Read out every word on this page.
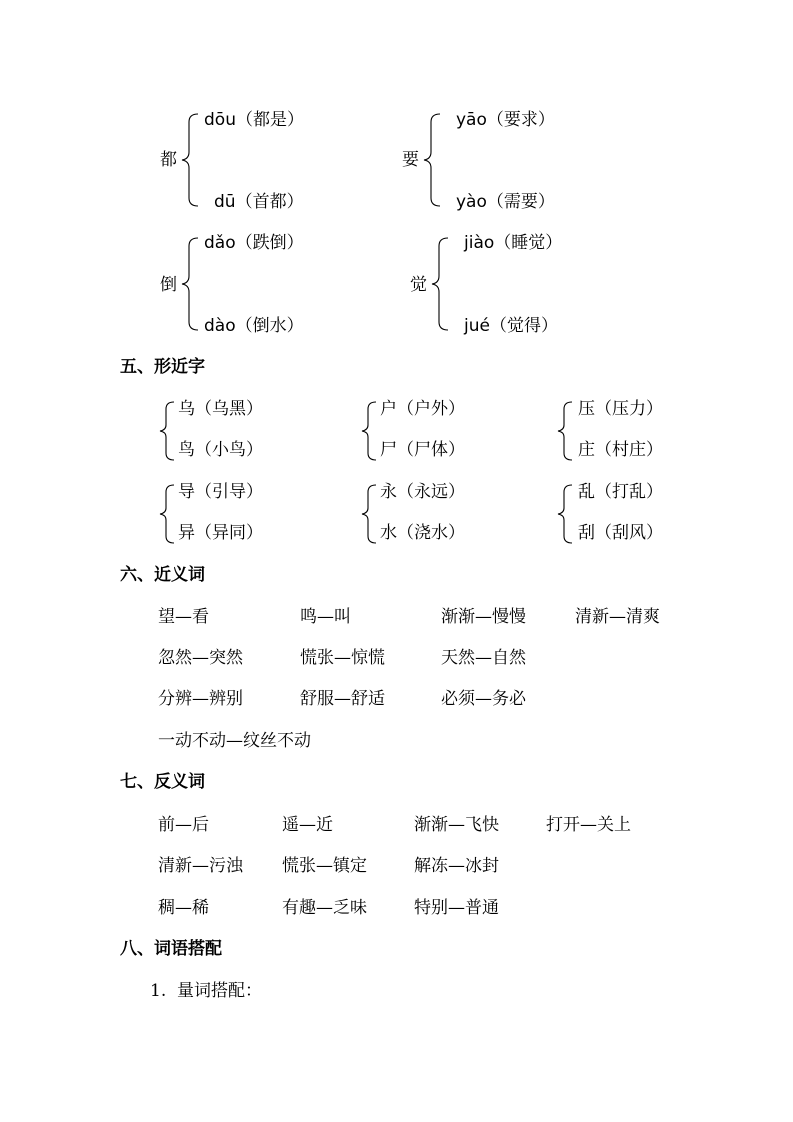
都
dōu（都是）
dū（首都）
要
yāo（要求）
yào（需要）
倒
dǎo（跌倒）
dào（倒水）
觉
jiào（睡觉）
jué（觉得）
五、形近字
乌（乌黑）
鸟（小鸟）
户（户外）
尸（尸体）
压（压力）
庄（村庄）
导（引导）
异（异同）
永（永远）
水（浇水）
乱（打乱）
刮（刮风）
六、近义词
望—看	鸣—叫	渐渐—慢慢	清新—清爽
忽然—突然	慌张—惊慌	天然—自然
分辨—辨别	舒服—舒适	必须—务必
一动不动—纹丝不动
七、反义词
前—后	遥—近	渐渐—飞快	打开—关上
清新—污浊 慌张—镇定	解冻—冰封
稠—稀	有趣—乏味	特别—普通
八、词语搭配
1.  量词搭配：
